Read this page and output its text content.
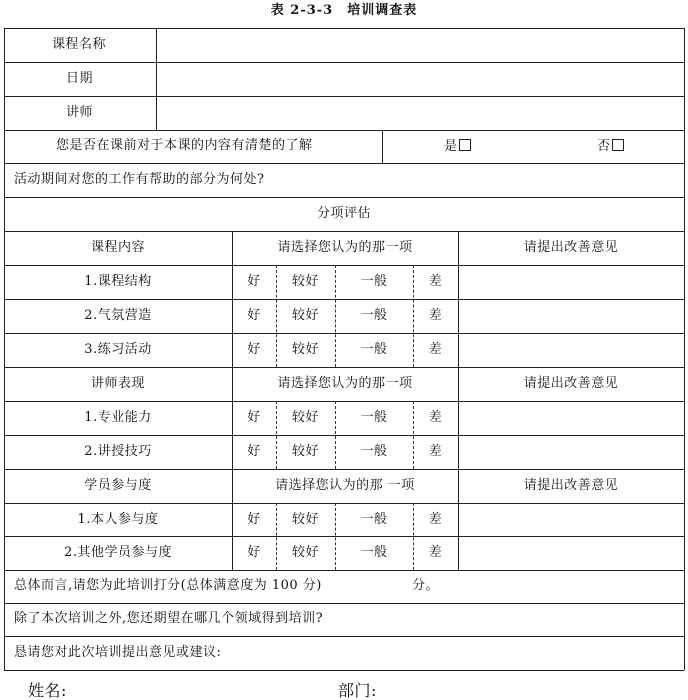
表 2-3-3　培训调查表
课程名称
日期
讲师
您是否在课前对于本课的内容有清楚的了解	是	否
活动期间对您的工作有帮助的部分为何处?
分项评估
课程内容	请选择您认为的那一项	请提出改善意见
1.课程结构	好	较好	一般	差
2.气氛营造	好	较好	一般	差
3.练习活动	好	较好	一般	差
讲师表现	请选择您认为的那一项	请提出改善意见
1.专业能力	好	较好	一般	差
2.讲授技巧	好	较好	一般	差
学员参与度	请选择您认为的那 一项	请提出改善意见
1.本人参与度	好	较好	一般	差
2.其他学员参与度	好	较好	一般	差
总体而言,请您为此培训打分(总体满意度为 100 分)	分。
除了本次培训之外,您还期望在哪几个领域得到培训?
恳请您对此次培训提出意见或建议:
姓名:	部门:
